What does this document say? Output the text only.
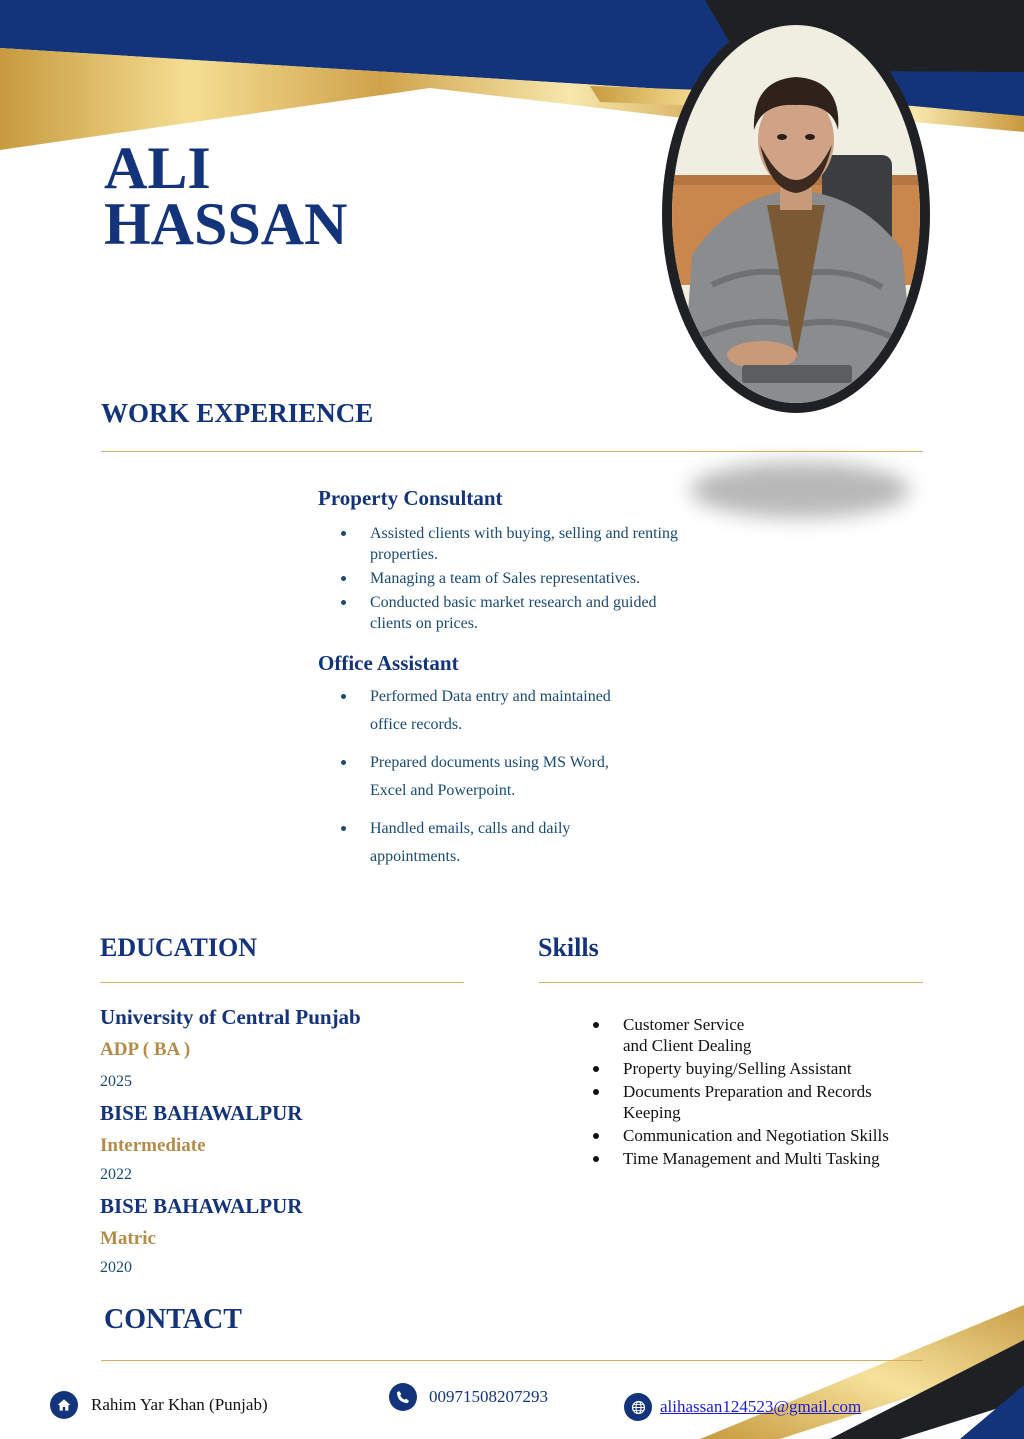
ALI
HASSAN
WORK EXPERIENCE
Property Consultant
Assisted clients with buying, selling and renting properties.
Managing a team of Sales representatives.
Conducted basic market research and guided clients on prices.
Office Assistant
Performed Data entry and maintained office records.
Prepared documents using MS Word, Excel and Powerpoint.
Handled emails, calls and daily appointments.
EDUCATION

University of Central Punjab

ADP ( BA )

2025

BISE BAHAWALPUR

Intermediate

2022

BISE BAHAWALPUR

Matric

2020

Skills
Customer Service and Client Dealing
Property buying/Selling Assistant
Documents Preparation and Records Keeping
Communication and Negotiation Skills
Time Management and Multi Tasking
CONTACT
Rahim Yar Khan (Punjab)	00971508207293
alihassan124523@gmail.com
